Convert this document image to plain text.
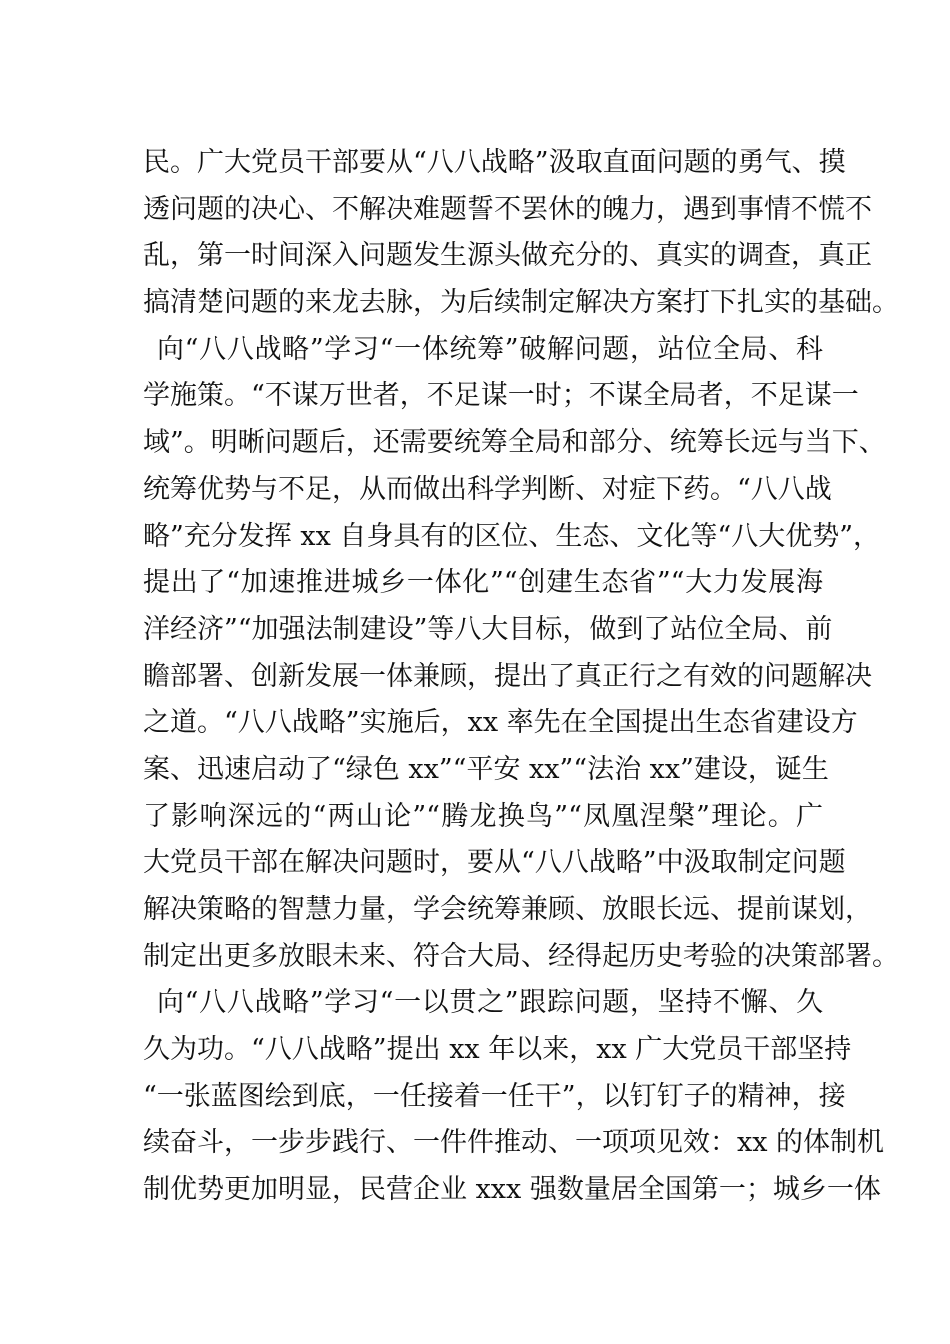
民。广大党员干部要从“八八战略”汲取直面问题的勇气、摸
透问题的决心、不解决难题誓不罢休的魄力，遇到事情不慌不
乱，第一时间深入问题发生源头做充分的、真实的调查，真正
搞清楚问题的来龙去脉，为后续制定解决方案打下扎实的基础。
向“八八战略”学习“一体统筹”破解问题，站位全局、科
学施策。“不谋万世者，不足谋一时；不谋全局者，不足谋一
域”。明晰问题后，还需要统筹全局和部分、统筹长远与当下、
统筹优势与不足，从而做出科学判断、对症下药。“八八战
略”充分发挥 xx 自身具有的区位、生态、文化等“八大优势”，
提出了“加速推进城乡一体化”“创建生态省”“大力发展海
洋经济”“加强法制建设”等八大目标，做到了站位全局、前
瞻部署、创新发展一体兼顾，提出了真正行之有效的问题解决
之道。“八八战略”实施后，xx 率先在全国提出生态省建设方
案、迅速启动了“绿色 xx”“平安 xx”“法治 xx”建设，诞生
了影响深远的“两山论”“腾龙换鸟”“凤凰涅槃”理论。广
大党员干部在解决问题时，要从“八八战略”中汲取制定问题
解决策略的智慧力量，学会统筹兼顾、放眼长远、提前谋划，
制定出更多放眼未来、符合大局、经得起历史考验的决策部署。
向“八八战略”学习“一以贯之”跟踪问题，坚持不懈、久
久为功。“八八战略”提出 xx 年以来，xx 广大党员干部坚持
“一张蓝图绘到底，一任接着一任干”，以钉钉子的精神，接
续奋斗，一步步践行、一件件推动、一项项见效：xx 的体制机
制优势更加明显，民营企业 xxx 强数量居全国第一；城乡一体
